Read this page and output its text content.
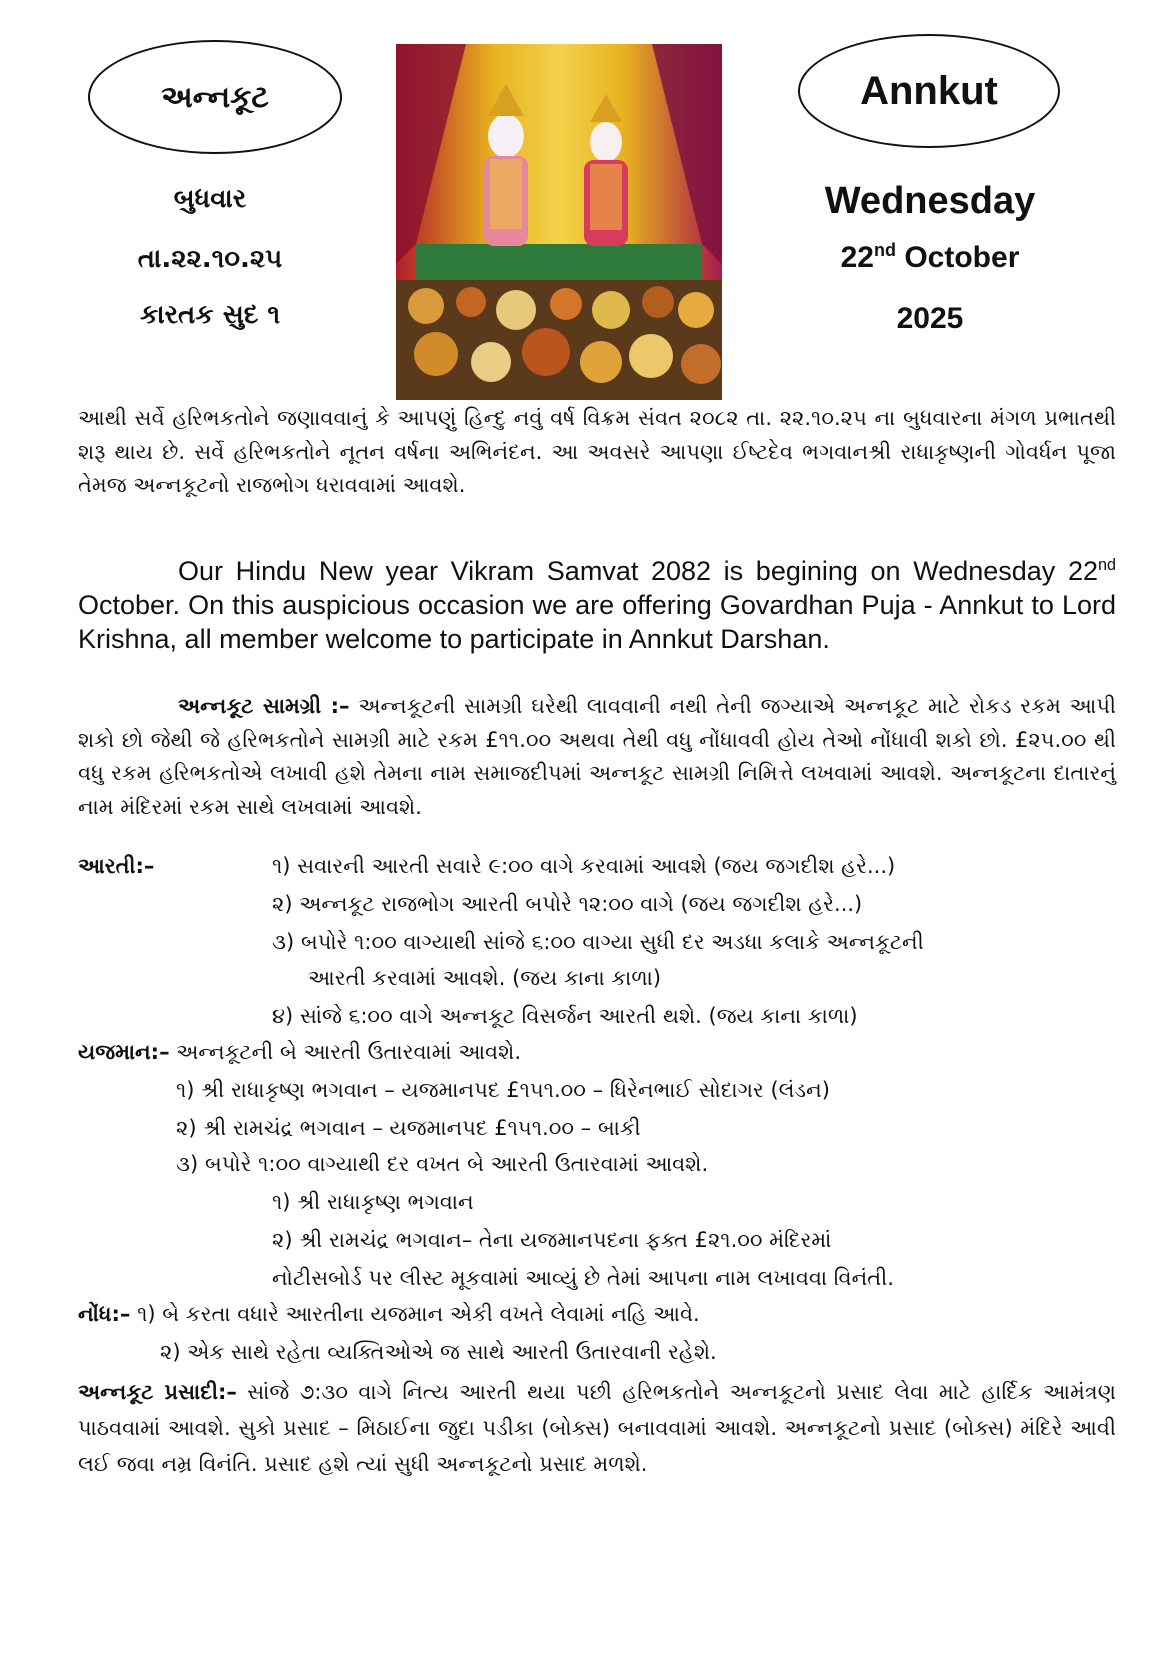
અન્નકૂટ	Annkut
બુધવાર
તા.૨૨.૧૦.૨૫
કારતક સુદ ૧
Wednesday
22nd October
2025
આથી સર્વે હરિભકતોને જણાવવાનું કે આપણું હિન્દુ નવું વર્ષ વિક્રમ સંવત ૨૦૮૨ તા. ૨૨.૧૦.૨૫ ના બુધવારના મંગળ પ્રભાતથી શરૂ થાય છે. સર્વે હરિભકતોને નૂતન વર્ષના અભિનંદન. આ અવસરે આપણા ઈષ્ટદેવ ભગવાનશ્રી રાધાકૃષ્ણની ગોવર્ધન પૂજા તેમજ અન્નકૂટનો રાજભોગ ધરાવવામાં આવશે.
Our Hindu New year Vikram Samvat 2082 is begining on Wednesday 22nd October. On this auspicious occasion we are offering Govardhan Puja - Annkut to Lord Krishna, all member welcome to participate in Annkut Darshan.
અન્નકૂટ સામગ્રી :– અન્નકૂટની સામગ્રી ઘરેથી લાવવાની નથી તેની જગ્યાએ અન્નકૂટ માટે રોકડ રકમ આપી શકો છો જેથી જે હરિભકતોને સામગ્રી માટે રકમ £૧૧.૦૦ અથવા તેથી વધુ નોંધાવવી હોય તેઓ નોંધાવી શકો છો. £૨૫.૦૦ થી વધુ રકમ હરિભકતોએ લખાવી હશે તેમના નામ સમાજદીપમાં અન્નકૂટ સામગ્રી નિમિત્તે લખવામાં આવશે. અન્નકૂટના દાતારનું નામ મંદિરમાં રકમ સાથે લખવામાં આવશે.
આરતી:–	૧) સવારની આરતી સવારે ૯:૦૦ વાગે કરવામાં આવશે (જય જગદીશ હરે...)
૨) અન્નકૂટ રાજભોગ આરતી બપોરે ૧૨:૦૦ વાગે (જય જગદીશ હરે...)
૩) બપોરે ૧:૦૦ વાગ્યાથી સાંજે ૬:૦૦ વાગ્યા સુધી દર અડધા કલાકે અન્નકૂટની
આરતી કરવામાં આવશે. (જય કાના કાળા)
૪) સાંજે ૬:૦૦ વાગે અન્નકૂટ વિસર્જન આરતી થશે. (જય કાના કાળા)
યજમાન:– અન્નકૂટની બે આરતી ઉતારવામાં આવશે.
૧) શ્રી રાધાકૃષ્ણ ભગવાન – યજમાનપદ £૧૫૧.૦૦ – ધિરેનભાઈ સોદાગર (લંડન)
૨) શ્રી રામચંદ્ર ભગવાન – યજમાનપદ £૧૫૧.૦૦ – બાકી
૩) બપોરે ૧:૦૦ વાગ્યાથી દર વખત બે આરતી ઉતારવામાં આવશે.
૧) શ્રી રાધાકૃષ્ણ ભગવાન
૨) શ્રી રામચંદ્ર ભગવાન– તેના યજમાનપદના ફક્ત £૨૧.૦૦ મંદિરમાં
નોટીસબોર્ડ પર લીસ્ટ મૂકવામાં આવ્યું છે તેમાં આપના નામ લખાવવા વિનંતી.
નોંધ:– ૧) બે કરતા વધારે આરતીના યજમાન એકી વખતે લેવામાં નહિ આવે.
૨) એક સાથે રહેતા વ્યક્તિઓએ જ સાથે આરતી ઉતારવાની રહેશે.
અન્નકૂટ પ્રસાદી:– સાંજે ૭:૩૦ વાગે નિત્ય આરતી થયા પછી હરિભકતોને અન્નકૂટનો પ્રસાદ લેવા માટે હાર્દિક આમંત્રણ પાઠવવામાં આવશે. સુકો પ્રસાદ – મિઠાઈના જુદા પડીકા (બોક્સ) બનાવવામાં આવશે. અન્નકૂટનો પ્રસાદ (બોક્સ) મંદિરે આવી લઈ જવા નમ્ર વિનંતિ. પ્રસાદ હશે ત્યાં સુધી અન્નકૂટનો પ્રસાદ મળશે.
